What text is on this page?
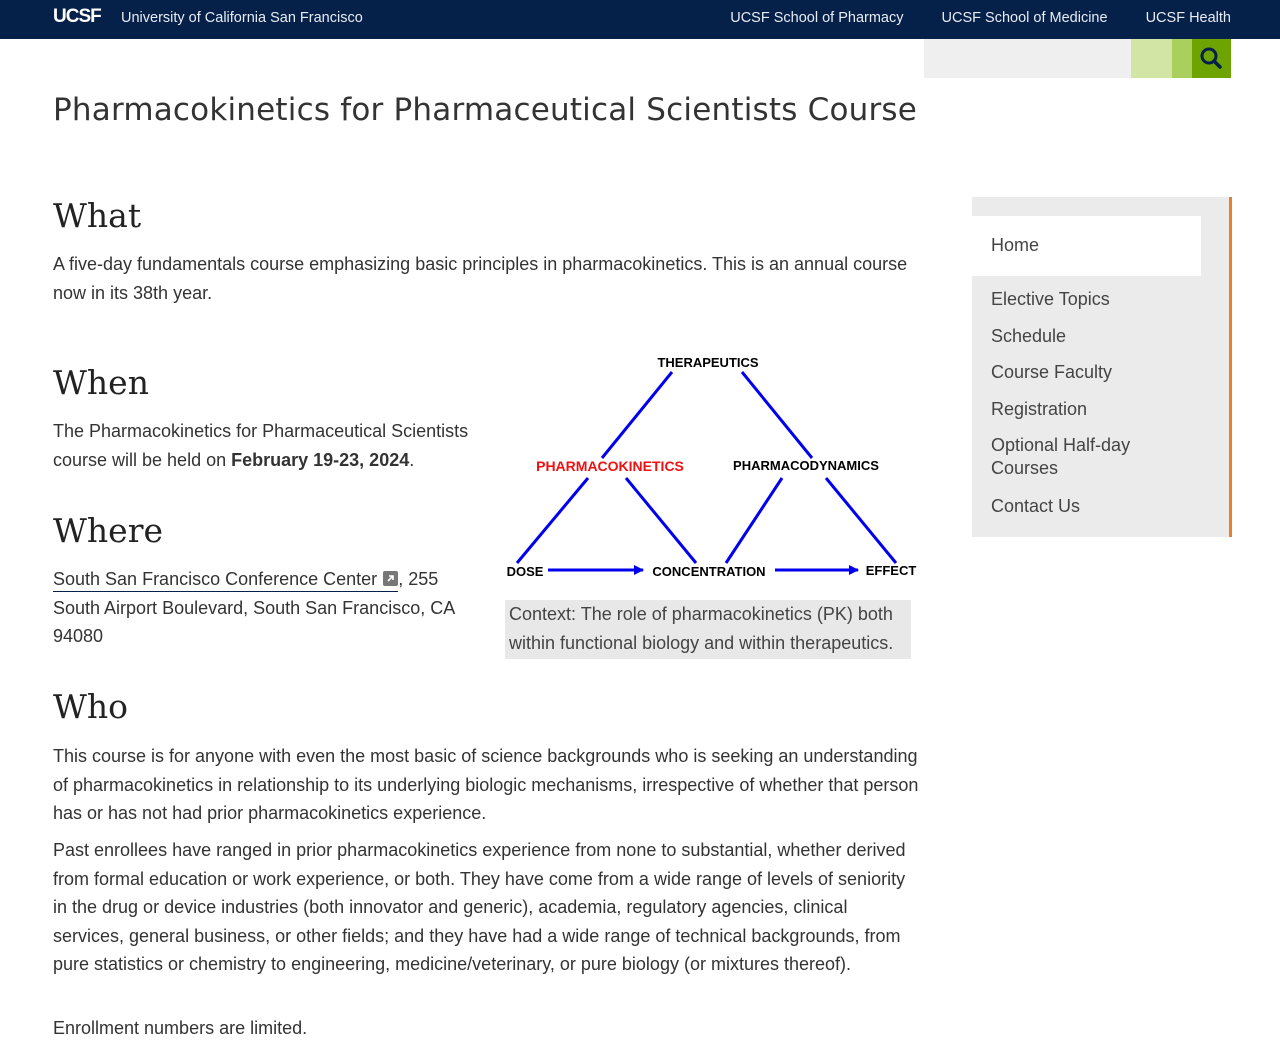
UCSF University of California San Francisco	UCSF School of Pharmacy	UCSF School of Medicine	UCSF Health
Pharmacokinetics for Pharmaceutical Scientists Course
What

A five-day fundamentals course emphasizing basic principles in pharmacokinetics. This is an annual course now in its 38th year.

When

The Pharmacokinetics for Pharmaceutical Scientists course will be held on February 19-23, 2024.

Where

South San Francisco Conference Center , 255 South Airport Boulevard, South San Francisco, CA 94080

THERAPEUTICS
PHARMACOKINETICS	PHARMACODYNAMICS
DOSE	CONCENTRATION	EFFECT
Context: The role of pharmacokinetics (PK) both within functional biology and within therapeutics.
Who

This course is for anyone with even the most basic of science backgrounds who is seeking an understanding of pharmacokinetics in relationship to its underlying biologic mechanisms, irrespective of whether that person has or has not had prior pharmacokinetics experience.

Past enrollees have ranged in prior pharmacokinetics experience from none to substantial, whether derived from formal education or work experience, or both. They have come from a wide range of levels of seniority in the drug or device industries (both innovator and generic), academia, regulatory agencies, clinical services, general business, or other fields; and they have had a wide range of technical backgrounds, from pure statistics or chemistry to engineering, medicine/veterinary, or pure biology (or mixtures thereof).

Enrollment numbers are limited.

Home
Elective Topics
Schedule
Course Faculty
Registration
Optional Half-day Courses
Contact Us
